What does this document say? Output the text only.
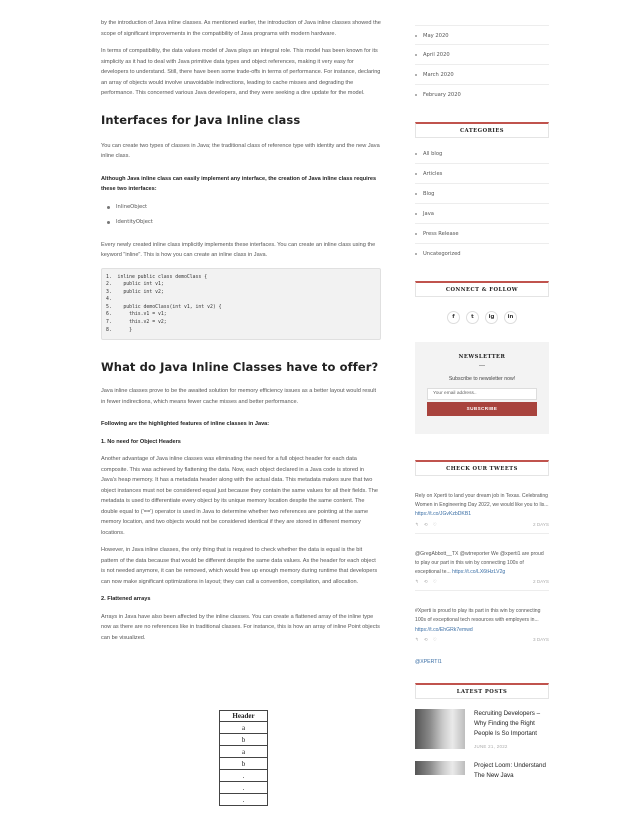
by the introduction of Java inline classes. As mentioned earlier, the introduction of Java inline classes showed the scope of significant improvements in the compatibility of Java programs with modern hardware.

In terms of compatibility, the data values model of Java plays an integral role. This model has been known for its simplicity as it had to deal with Java primitive data types and object references, making it very easy for developers to understand. Still, there have been some trade-offs in terms of performance. For instance, declaring an array of objects would involve unavoidable indirections, leading to cache misses and degrading the performance. This concerned various Java developers, and they were seeking a dire update for the model.

Interfaces for Java Inline class

You can create two types of classes in Java; the traditional class of reference type with identity and the new Java inline class.

Although Java inline class can easily implement any interface, the creation of Java inline class requires these two interfaces:

InlineObject
IdentityObject

Every newly created inline class implicitly implements these interfaces. You can create an inline class using the keyword "inline". This is how you can create an inline class in Java.

1.  inline public class demoClass {
2.    public int v1;
3.    public int v2;
4.
5.    public demoClass(int v1, int v2) {
6.      this.v1 = v1;
7.      this.v2 = v2;
8.      }
What do Java Inline Classes have to offer?

Java inline classes prove to be the awaited solution for memory efficiency issues as a better layout would result in fewer indirections, which means fewer cache misses and better performance.

Following are the highlighted features of inline classes in Java:

1. No need for Object Headers

Another advantage of Java inline classes was eliminating the need for a full object header for each data composite. This was achieved by flattening the data. Now, each object declared in a Java code is stored in Java's heap memory. It has a metadata header along with the actual data. This metadata makes sure that two object instances must not be considered equal just because they contain the same values for all their fields. The metadata is used to differentiate every object by its unique memory location despite the same content. The double equal to ('==') operator is used in Java to determine whether two references are pointing at the same memory location, and two objects would not be considered identical if they are stored in different memory locations.

However, in Java inline classes, the only thing that is required to check whether the data is equal is the bit pattern of the data because that would be different despite the same data values. As the header for each object is not needed anymore, it can be removed, which would free up enough memory during runtime that developers can now make significant optimizations in layout; they can call a convention, compilation, and allocation.

2. Flattened arrays

Arrays in Java have also been affected by the inline classes. You can create a flattened array of the inline type now as there are no references like in traditional classes. For instance, this is how an array of inline Point objects can be visualized.

Header
a
b
a
b
.
.
.
May 2020
April 2020
March 2020
February 2020
CATEGORIES
All blog
Articles
Blog
Java
Press Release
Uncategorized
CONNECT & FOLLOW
f	t	ig	in
NEWSLETTER
Subscribe to newsletter now!
Your email address..
SUBSCRIBE
CHECK OUR TWEETS
Rely on Xperti to land your dream job in Texas. Celebrating Women in Engineering Day 2022, we would like you to lis... https://t.co/JGvKzbDKB1
↰ ⟲ ♡	2 DAYS
@GregAbbott__TX @wtrreporter We @xperti1 are proud to play our part in this win by connecting 100s of exceptional te... https://t.co/LX6tHzLV2g
↰ ⟲ ♡	2 DAYS
#Xperti is proud to play its part in this win by connecting 100s of exceptional tech resources with employers in... https://t.co/EhGRk7emwd
↰ ⟲ ♡	3 DAYS
@XPERTI1
LATEST POSTS
Recruiting Developers – Why Finding the Right People Is So Important
JUNE 21, 2022
Project Loom: Understand The New Java
